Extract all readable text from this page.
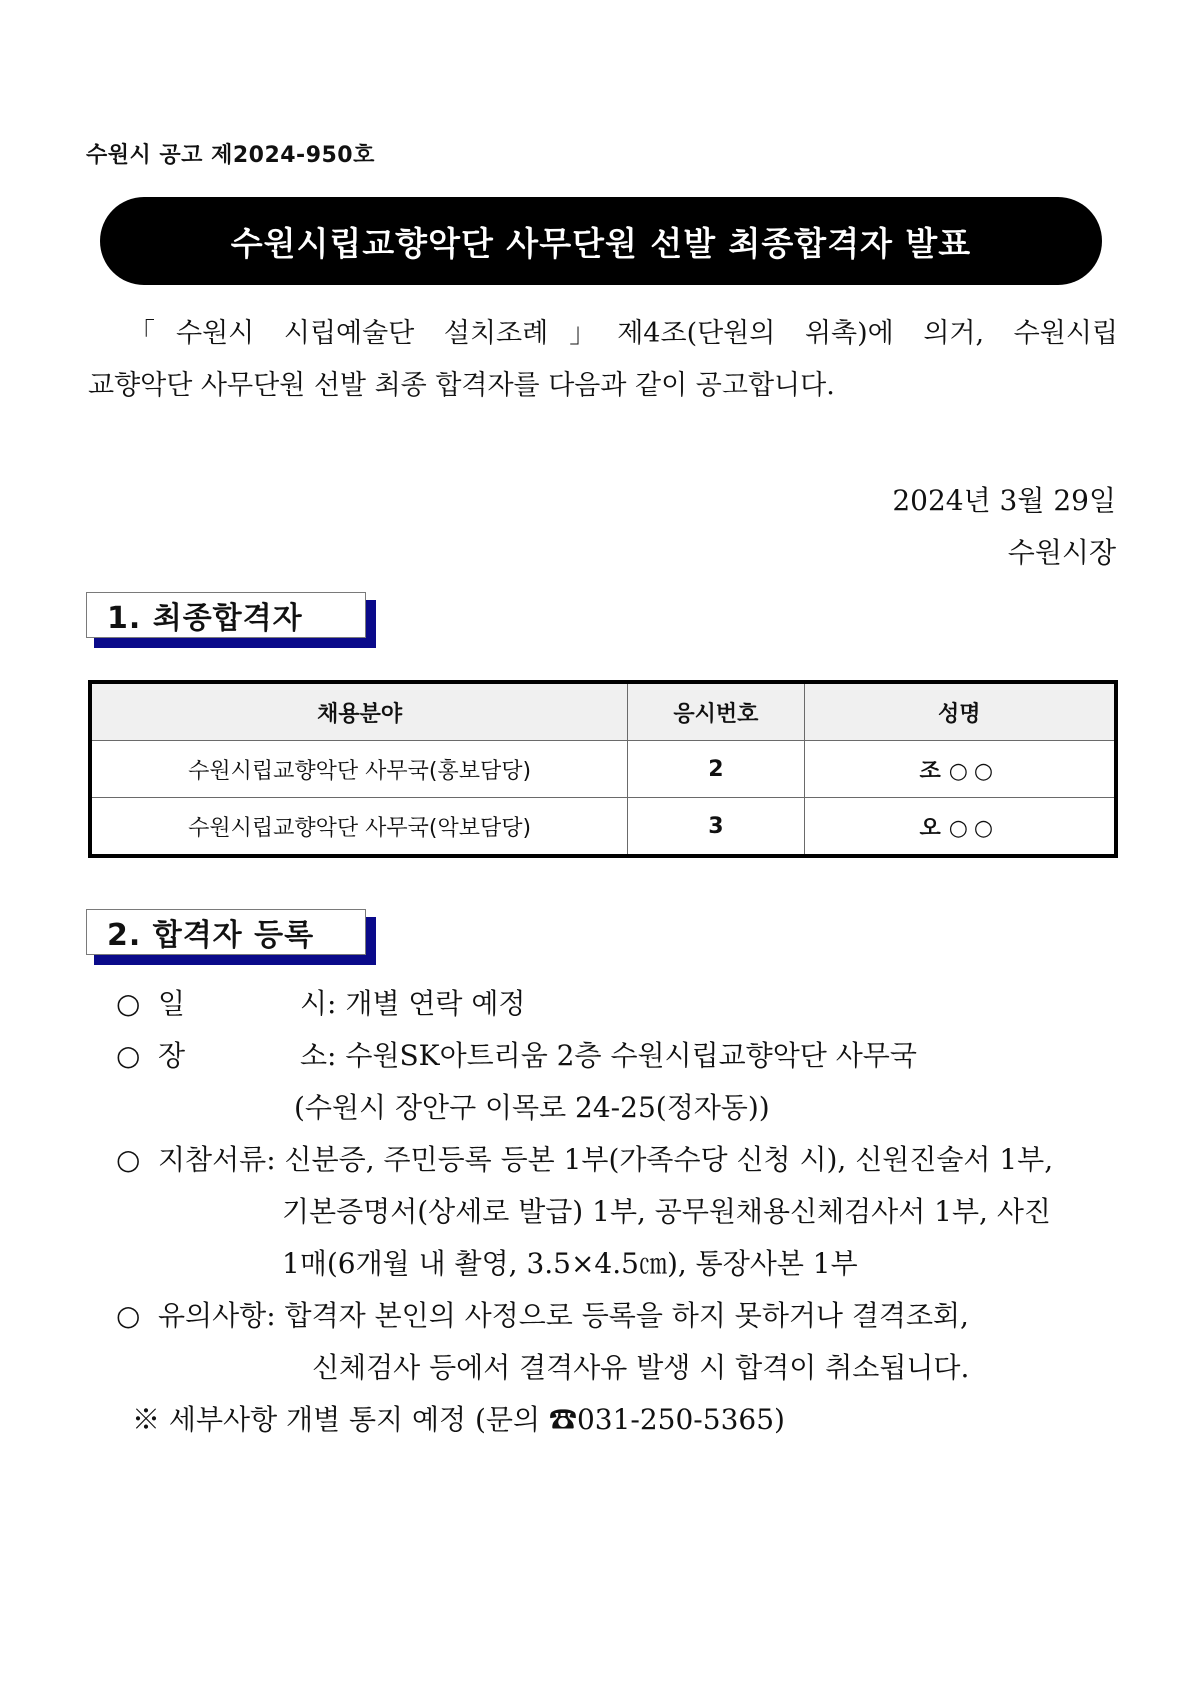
수원시 공고 제2024-950호
수원시립교향악단 사무단원 선발 최종합격자 발표

「수원시 시립예술단 설치조례」제4조(단원의 위촉)에 의거, 수원시립

교향악단 사무단원 선발 최종 합격자를 다음과 같이 공고합니다.

2024년 3월 29일
수원시장
1. 최종합격자
채용분야	응시번호	성명
수원시립교향악단 사무국(홍보담당)	2	조 ○○
수원시립교향악단 사무국(악보담당)	3	오 ○○
2. 합격자 등록
○ 일	시: 개별 연락 예정
○ 장	소: 수원SK아트리움 2층 수원시립교향악단 사무국
(수원시 장안구 이목로 24-25(정자동))
○ 지참서류: 신분증, 주민등록 등본 1부(가족수당 신청 시), 신원진술서 1부,
기본증명서(상세로 발급) 1부, 공무원채용신체검사서 1부, 사진
1매(6개월 내 촬영, 3.5×4.5㎝), 통장사본 1부
○ 유의사항: 합격자 본인의 사정으로 등록을 하지 못하거나 결격조회,
신체검사 등에서 결격사유 발생 시 합격이 취소됩니다.
※ 세부사항 개별 통지 예정 (문의 ☎031-250-5365)
